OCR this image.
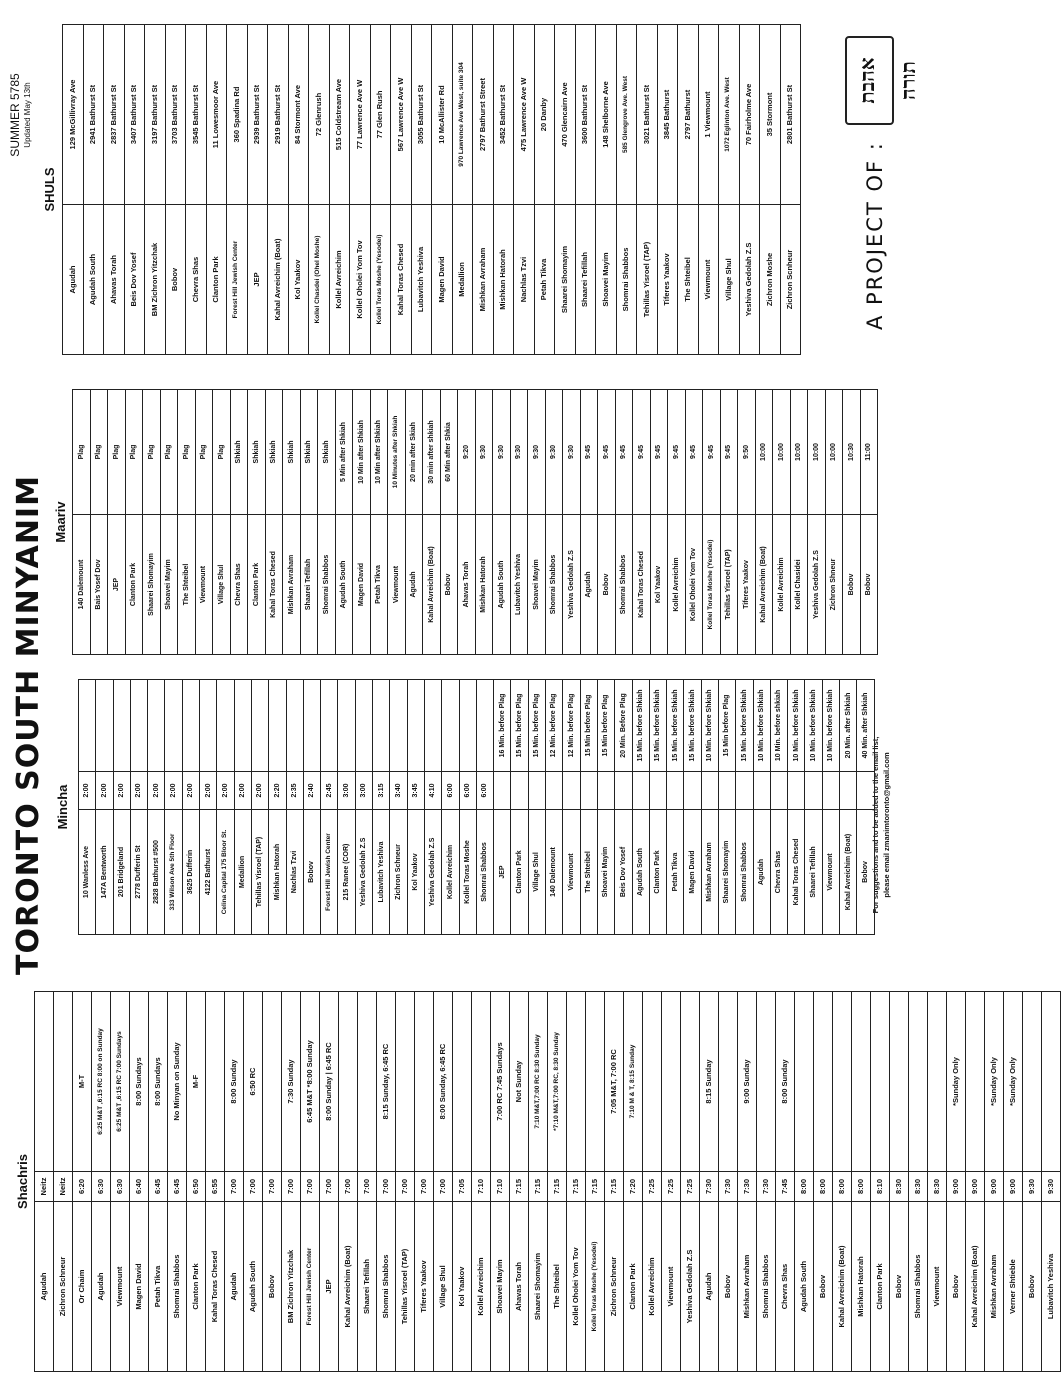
TORONTO SOUTH MINYANIM
SUMMER 5785 Updated May 13th
A PROJECT OF :
אהבת תורה
For suggestions and to be added to the email list, please email zmanimtoronto@gmail.com
Shachris		
Agudah	Neitz	
Zichron Schneur	Neitz	
Or Chaim	6:20	M-T
Agudah	6:30	6:25 M&T ,6:15 RC 8:00 on Sunday
Viewmount	6:30	6:25 M&T ,6:15 RC 7:00 Sundays
Magen David	6:40	8:00 Sundays
Petah Tikva	6:45	8:00 Sundays
Shomrai Shabbos	6:45	No Minyan on Sunday
Clanton Park	6:50	M-F
Kahal Toras Chesed	6:55	
Agudah	7:00	8:00 Sunday
Agudah South	7:00	6:50 RC
Bobov	7:00	
BM Zichron Yitzchak	7:00	7:30 Sunday
Forest Hill Jewish Center	7:00	6:45 M&T *8:00 Sunday
JEP	7:00	8:00 Sunday | 6:45 RC
Kahal Avreichim (Boat)	7:00	
Shaarei Tefillah	7:00	
Shomrai Shabbos	7:00	8:15 Sunday, 6:45 RC
Tehillas Yisroel (TAP)	7:00	
Tiferes Yaakov	7:00	
Village Shul	7:00	8:00 Sunday, 6:45 RC
Kol Yaakov	7:05	
Kollel Avreichim	7:10	
Shoavei Mayim	7:10	7:00 RC 7:45 Sundays
Ahavas Torah	7:15	Not Sunday
Shaarei Shomayim	7:15	7:10 M&T,7:00 RC 8:30 Sunday
The Shteibel	7:15	*7:10 M&T,7:00 RC, 8:30 Sunday
Kollel Oholei Yom Tov	7:15	
Kollel Toras Moshe (Yesodei)	7:15	
Zichron Schneur	7:15	7:05 M&T, 7:00 RC
Clanton Park	7:20	7:10 M & T, 8:15 Sunday
Kollel Avreichim	7:25	
Viewmount	7:25	
Yeshiva Gedolah Z.S	7:25	
Agudah	7:30	8:15 Sunday
Bobov	7:30	
Mishkan Avraham	7:30	9:00 Sunday
Shomrai Shabbos	7:30	
Chevra Shas	7:45	8:00 Sunday
Agudah South	8:00	
Bobov	8:00	
Kahal Avreichim (Boat)	8:00	
Mishkan Hatorah	8:00	
Clanton Park	8:10	
Bobov	8:30	
Shomrai Shabbos	8:30	
Viewmount	8:30	
Bobov	9:00	*Sunday Only
Kahal Avreichim (Boat)	9:00	
Mishkan Avraham	9:00	*Sunday Only
Verner Shtieble	9:00	*Sunday Only
Bobov	9:30	
Lubavitch Yeshiva	9:30	
Mincha		
10 Wanless Ave	2:00	
147A Bentworth	2:00	
201 Bridgeland	2:00	
2778 Dufferin St	2:00	
2828 Bathurst #500	2:00	
333 Wilson Ave 5th Floor	2:00	
3625 Dufferin	2:00	
4122 Bathurst	2:00	
Celina Capital 175 Bloor St.	2:00	
Medallion	2:00	
Tehillas Yisroel (TAP)	2:00	
Mishkan Hatorah	2:20	
Nachlas Tzvi	2:35	
Bobov	2:40	
Forest Hill Jewish Center	2:45	
215 Ranee (COR)	3:00	
Yeshiva Gedolah Z.S	3:00	
Lubavitch Yeshiva	3:15	
Zichron Schneur	3:40	
Kol Yaakov	3:45	
Yeshiva Gedolah Z.S	4:10	
Kollel Avreichim	6:00	
Kollel Toras Moshe	6:00	
Shomrai Shabbos	6:00	
JEP		16 Min. before Plag
Clanton Park		15 Min. before Plag
Village Shul		15 Min. before Plag
140 Dalemount		12 Min. before Plag
Viewmount		12 Min. before Plag
The Shteibel		15 Min before Plag
Shoavei Mayim		15 Min before Plag
Beis Dov Yosef		20 Min. Before Plag
Agudah South		15 Min. before Shkiah
Clanton Park		15 Min. before Shkiah
Petah Tikva		15 Min. before Shkiah
Magen David		15 Min. before Shkiah
Mishkan Avraham		10 Min. before Shkiah
Shaarei Shomayim		15 Min before Plag
Shomrai Shabbos		15 Min. before Shkiah
Agudah		10 Min. before Shkiah
Chevra Shas		10 Min. before shkiah
Kahal Toras Chesed		10 Min. before Shkiah
Shaarei Tefillah		10 Min. before Shkiah
Viewmount		10 Min. before Shkiah
Kahal Avreichim (Boat)		20 Min. after Shkiah
Bobov		40 Min. after Shkiah
Maariv	
140 Dalemount	Plag
Bais Yosef Dov	Plag
JEP	Plag
Clanton Park	Plag
Shaarei Shomayim	Plag
Shoavei Mayim	Plag
The Shteibel	Plag
Viewmount	Plag
Village Shul	Plag
Chevra Shas	Shkiah
Clanton Park	Shkiah
Kahal Toras Chesed	Shkiah
Mishkan Avraham	Shkiah
Shaarei Tefillah	Shkiah
Shomrai Shabbos	Shkiah
Agudah South	5 Min after Shkiah
Magen David	10 Min after Shkiah
Petah Tikva	10 Min after Shkiah
Viewmount	10 Minutes after Shkiah
Agudah	20 min after Skiah
Kahal Avreichim (Boat)	30 min after shkiah
Bobov	60 Min after Shkia
Ahavas Torah	9:20
Mishkan Hatorah	9:30
Agudah South	9:30
Lubavitch Yeshiva	9:30
Shoavei Mayim	9:30
Shomrai Shabbos	9:30
Yeshiva Gedolah Z.S	9:30
Agudah	9:45
Bobov	9:45
Shomrai Shabbos	9:45
Kahal Toras Chesed	9:45
Kol Yaakov	9:45
Kollel Avreichim	9:45
Kollel Oholei Yom Tov	9:45
Kollel Toras Moshe (Yesodei)	9:45
Tehillas Yisroel (TAP)	9:45
Tiferes Yaakov	9:50
Kahal Avreichim (Boat)	10:00
Kollel Avreichim	10:00
Kollel Chasidei	10:00
Yeshiva Gedolah Z.S	10:00
Zichron Shneur	10:00
Bobov	10:30
Bobov	11:00
SHULS	
Agudah	129 McGillivray Ave
Agudah South	2941 Bathurst St
Ahavas Torah	2837 Bathurst St
Beis Dov Yosef	3407 Bathurst St
BM Zichron Yitzchak	3197 Bathurst St
Bobov	3703 Bathurst St
Chevra Shas	3545 Bathurst St
Clanton Park	11 Lowesmoor Ave
Forest Hill Jewish Center	360 Spadina Rd
JEP	2939 Bathurst St
Kahal Avreichim (Boat)	2919 Bathurst St
Kol Yaakov	84 Stormont Ave
Kollel Chasdei (Ohel Moshe)	72 Glenrush
Kollel Avreichim	515 Coldstream Ave
Kollel Oholei Yom Tov	77 Lawrence Ave W
Kollel Toras Moshe (Yesodei)	77 Glen Rush
Kahal Toras Chesed	567 Lawrence Ave W
Lubavitch Yeshiva	3055 Bathurst St
Magen David	10 McAllister Rd
Medallion	970 Lawrence Ave West, suite 304
Mishkan Avraham	2797 Bathurst Street
Mishkan Hatorah	3452 Bathurst St
Nachlas Tzvi	475 Lawrence Ave W
Petah Tikva	20 Danby
Shaarei Shomayim	470 Glencairn Ave
Shaarei Tefillah	3600 Bathurst St
Shoavei Mayim	148 Shelborne Ave
Shomrai Shabbos	585 Glengrove Ave. West
Tehillas Yisroel (TAP)	3021 Bathurst St
Tiferes Yaakov	3845 Bathurst
The Shteibel	2797 Bathurst
Viewmount	1 Viewmount
Village Shul	1072 Eglinton Ave. West
Yeshiva Gedolah Z.S	70 Fairholme Ave
Zichron Moshe	35 Stormont
Zichron Scnheur	2801 Bathurst St
